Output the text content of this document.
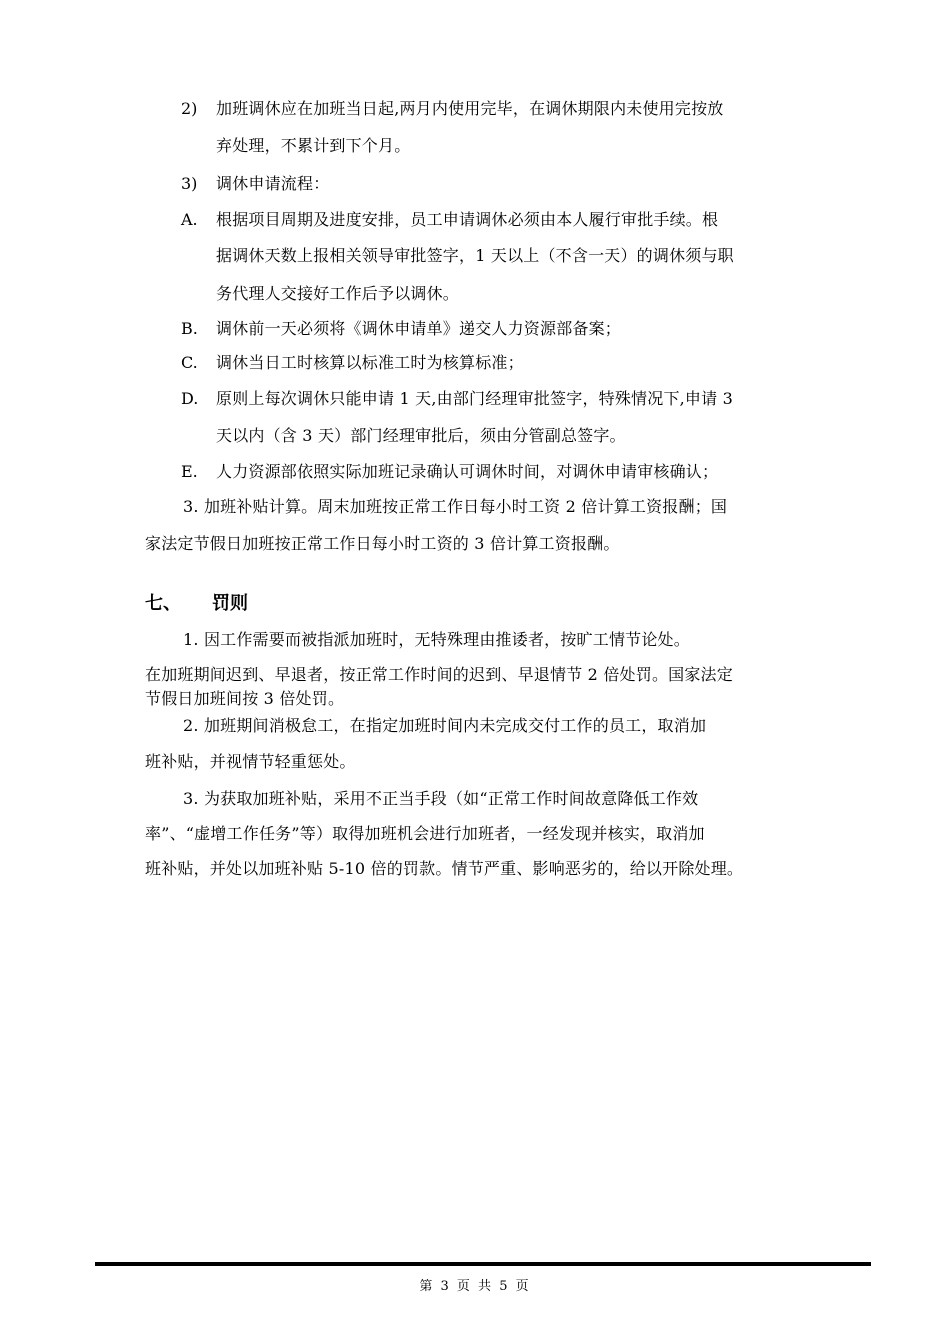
2) 加班调休应在加班当日起,两月内使用完毕，在调休期限内未使用完按放
弃处理，不累计到下个月。
3) 调休申请流程：
A. 根据项目周期及进度安排，员工申请调休必须由本人履行审批手续。根
据调休天数上报相关领导审批签字，1 天以上（不含一天）的调休须与职
务代理人交接好工作后予以调休。
B. 调休前一天必须将《调休申请单》递交人力资源部备案；
C. 调休当日工时核算以标准工时为核算标准；
D. 原则上每次调休只能申请 1 天,由部门经理审批签字，特殊情况下,申请 3
天以内（含 3 天）部门经理审批后，须由分管副总签字。
E. 人力资源部依照实际加班记录确认可调休时间，对调休申请审核确认；
3. 加班补贴计算。周末加班按正常工作日每小时工资 2 倍计算工资报酬；国
家法定节假日加班按正常工作日每小时工资的 3 倍计算工资报酬。
七、 罚则
1. 因工作需要而被指派加班时，无特殊理由推诿者，按旷工情节论处。
在加班期间迟到、早退者，按正常工作时间的迟到、早退情节 2 倍处罚。国家法定
节假日加班间按 3 倍处罚。
2. 加班期间消极怠工，在指定加班时间内未完成交付工作的员工，取消加
班补贴，并视情节轻重惩处。
3. 为获取加班补贴，采用不正当手段（如“正常工作时间故意降低工作效
率”、“虚增工作任务”等）取得加班机会进行加班者，一经发现并核实，取消加
班补贴，并处以加班补贴 5-10 倍的罚款。情节严重、影响恶劣的，给以开除处理。
第 3 页 共 5 页
